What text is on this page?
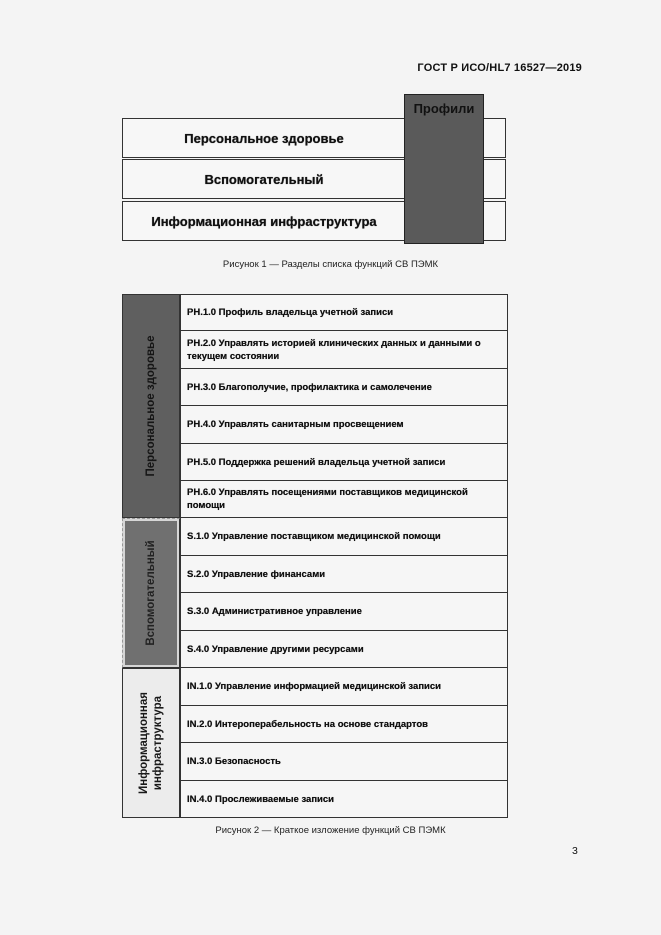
ГОСТ Р ИСО/HL7 16527—2019
Персональное здоровье
Вспомогательный
Информационная инфраструктура
Профили
Рисунок 1 — Разделы списка функций СВ ПЭМК
Персональное здоровье
Вспомогательный
Информационная инфраструктура
PH.1.0 Профиль владельца учетной записи
PH.2.0 Управлять историей клинических данных и данными о текущем состоянии
PH.3.0 Благополучие, профилактика и самолечение
PH.4.0 Управлять санитарным просвещением
PH.5.0 Поддержка решений владельца учетной записи
PH.6.0 Управлять посещениями поставщиков медицинской помощи
S.1.0 Управление поставщиком медицинской помощи
S.2.0 Управление финансами
S.3.0 Административное управление
S.4.0 Управление другими ресурсами
IN.1.0 Управление информацией медицинской записи
IN.2.0 Интероперабельность на основе стандартов
IN.3.0 Безопасность
IN.4.0 Прослеживаемые записи
Рисунок 2 — Краткое изложение функций СВ ПЭМК
3
